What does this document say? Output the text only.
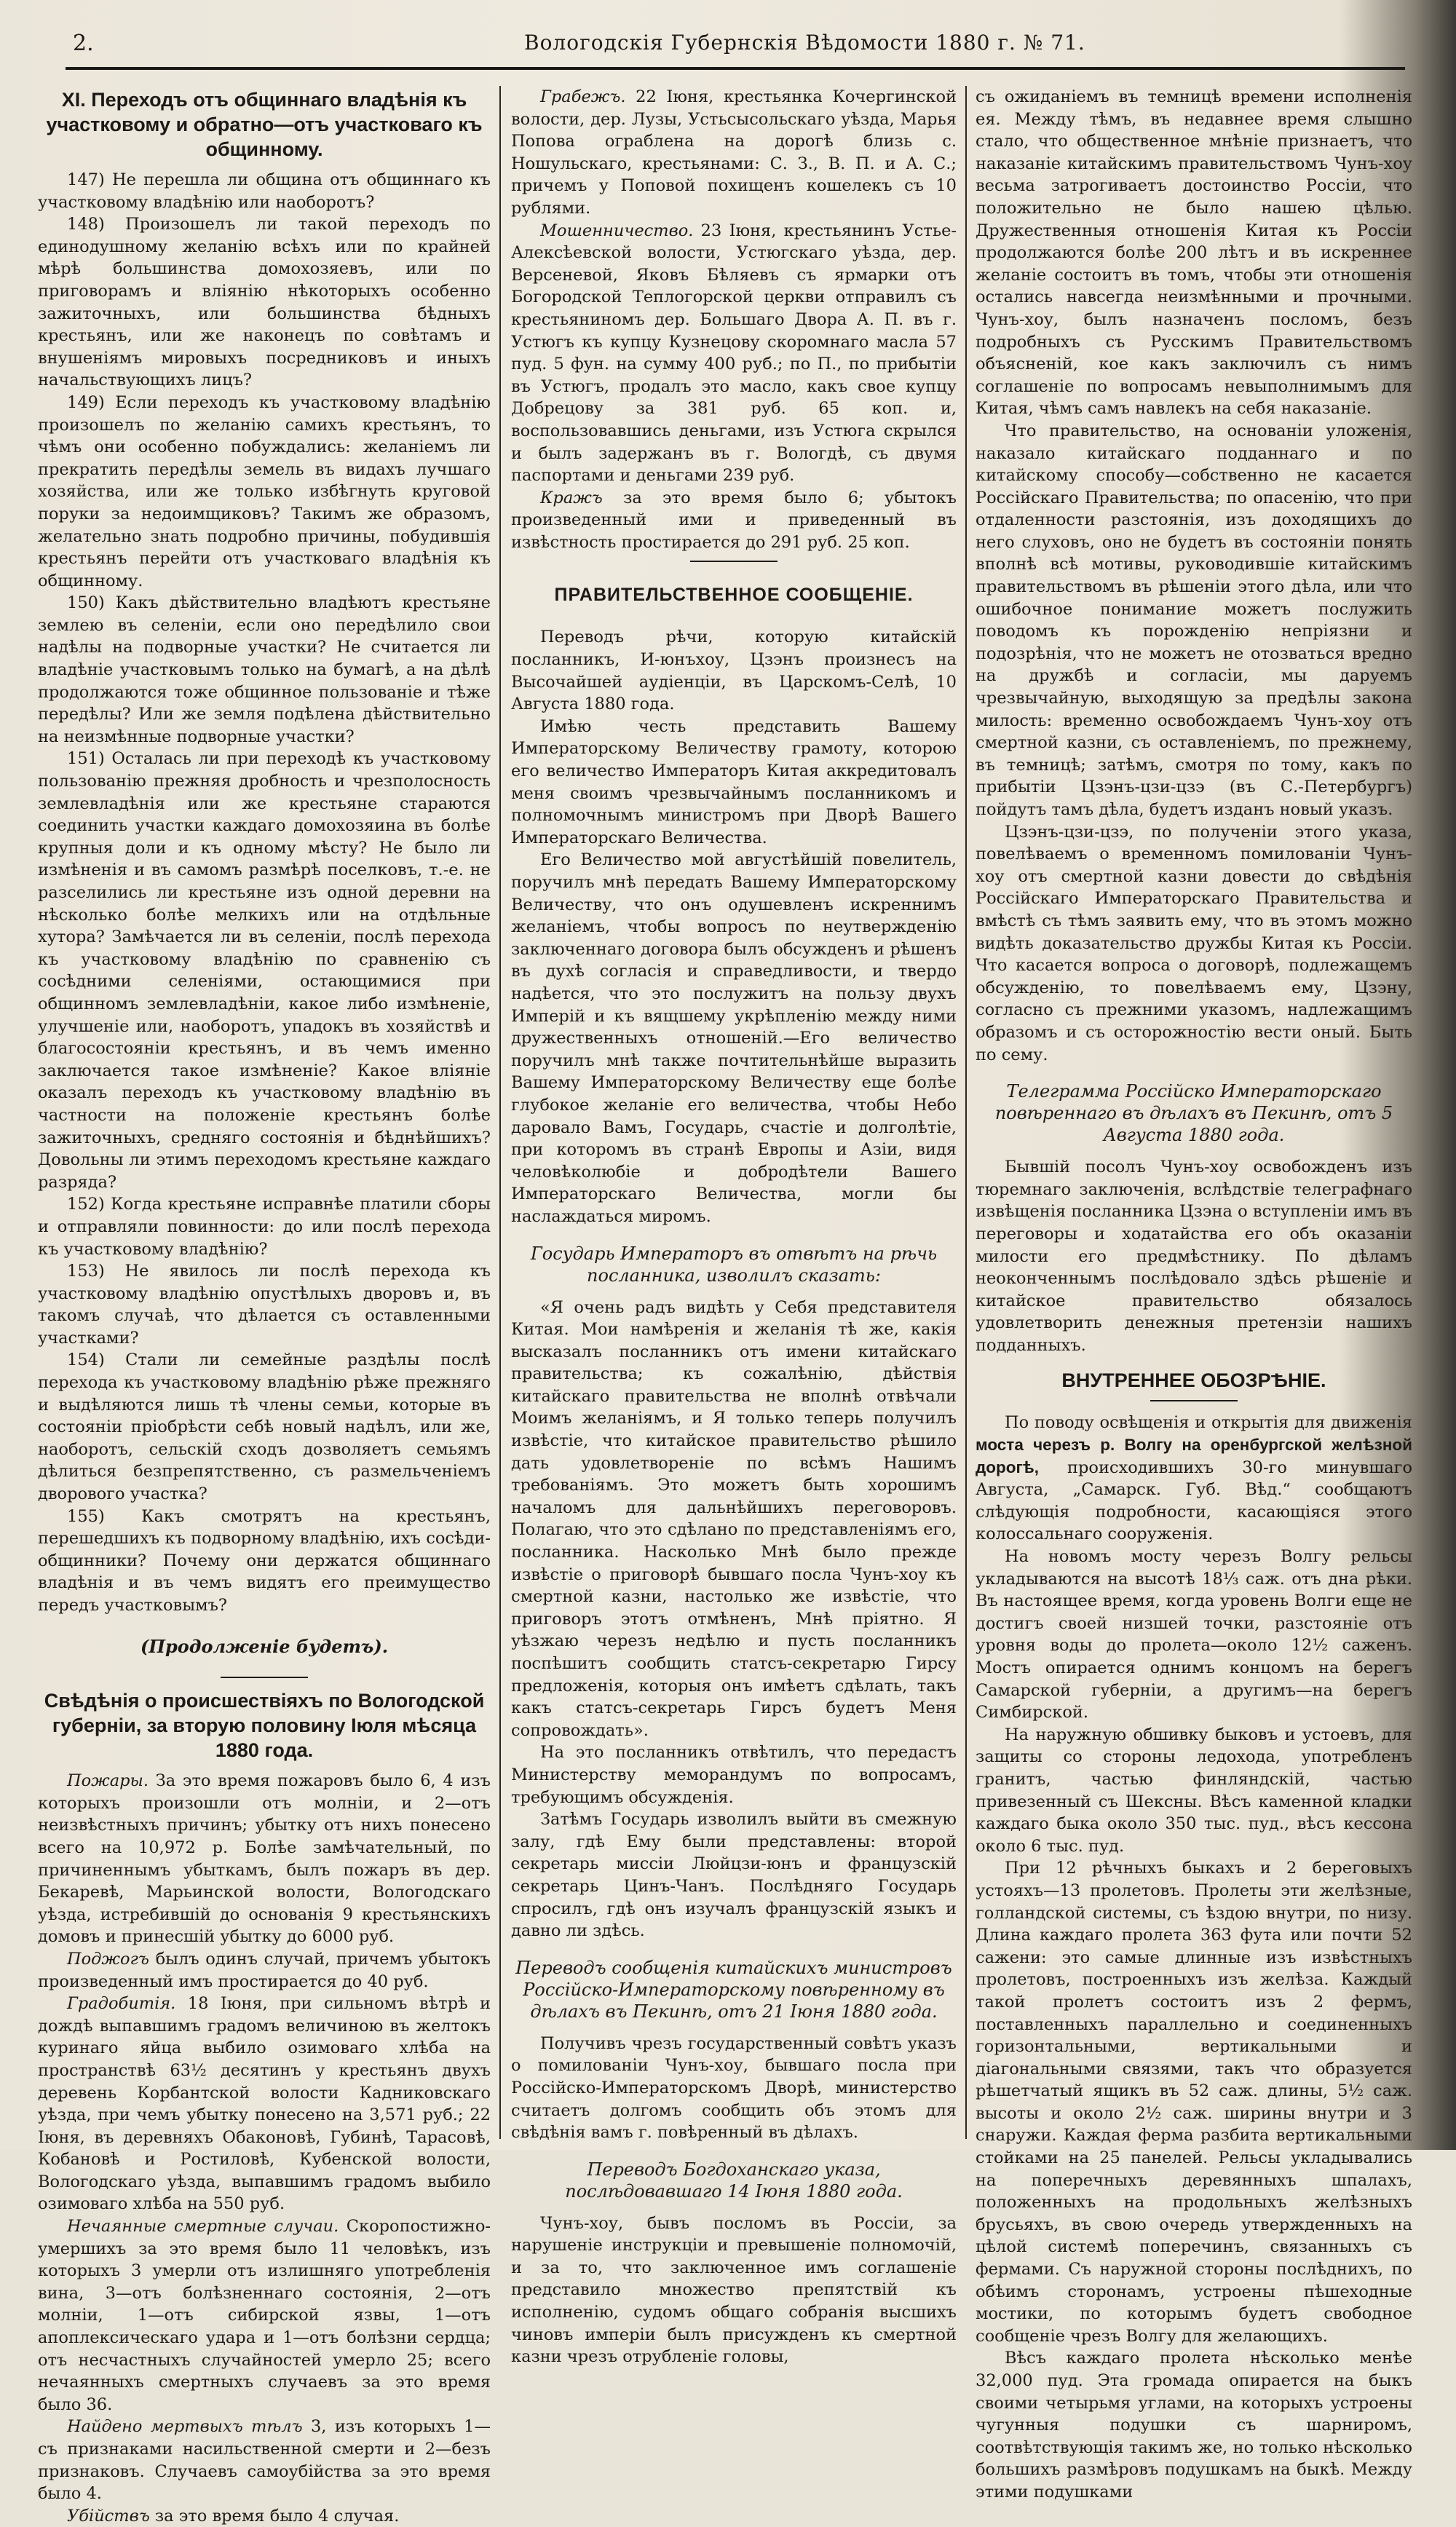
2.	Вологодскія Губернскія Вѣдомости 1880 г. № 71.
XI. Переходъ отъ общиннаго владѣнія къ участковому и обратно—отъ участковаго къ общинному.

147) Не перешла ли община отъ общиннаго къ участковому владѣнію или наоборотъ?

148) Произошелъ ли такой переходъ по единодушному желанію всѣхъ или по крайней мѣрѣ большинства домохозяевъ, или по приговорамъ и вліянію нѣкоторыхъ особенно зажиточныхъ, или большинства бѣдныхъ крестьянъ, или же наконецъ по совѣтамъ и внушеніямъ мировыхъ посредниковъ и иныхъ начальствующихъ лицъ?

149) Если переходъ къ участковому владѣнію произошелъ по желанію самихъ крестьянъ, то чѣмъ они особенно побуждались: желаніемъ ли прекратить передѣлы земель въ видахъ лучшаго хозяйства, или же только избѣгнуть круговой поруки за недоимщиковъ? Такимъ же образомъ, желательно знать подробно причины, побудившія крестьянъ перейти отъ участковаго владѣнія къ общинному.

150) Какъ дѣйствительно владѣютъ крестьяне землею въ селеніи, если оно передѣлило свои надѣлы на подворные участки? Не считается ли владѣніе участковымъ только на бумагѣ, а на дѣлѣ продолжаются тоже общинное пользованіе и тѣже передѣлы? Или же земля подѣлена дѣйствительно на неизмѣнные подворные участки?

151) Осталась ли при переходѣ къ участковому пользованію прежняя дробность и чрезполосность землевладѣнія или же крестьяне стараются соединить участки каждаго домохозяина въ болѣе крупныя доли и къ одному мѣсту? Не было ли измѣненія и въ самомъ размѣрѣ поселковъ, т.-е. не разселились ли крестьяне изъ одной деревни на нѣсколько болѣе мелкихъ или на отдѣльные хутора? Замѣчается ли въ селеніи, послѣ перехода къ участковому владѣнію по сравненію съ сосѣдними селеніями, остающимися при общинномъ землевладѣніи, какое либо измѣненіе, улучшеніе или, наоборотъ, упадокъ въ хозяйствѣ и благосостояніи крестьянъ, и въ чемъ именно заключается такое измѣненіе? Какое вліяніе оказалъ переходъ къ участковому владѣнію въ частности на положеніе крестьянъ болѣе зажиточныхъ, средняго состоянія и бѣднѣйшихъ? Довольны ли этимъ переходомъ крестьяне каждаго разряда?

152) Когда крестьяне исправнѣе платили сборы и отправляли повинности: до или послѣ перехода къ участковому владѣнію?

153) Не явилось ли послѣ перехода къ участковому владѣнію опустѣлыхъ дворовъ и, въ такомъ случаѣ, что дѣлается съ оставленными участками?

154) Стали ли семейные раздѣлы послѣ перехода къ участковому владѣнію рѣже прежняго и выдѣляются лишь тѣ члены семьи, которые въ состояніи пріобрѣсти себѣ новый надѣлъ, или же, наоборотъ, сельскій сходъ дозволяетъ семьямъ дѣлиться безпрепятственно, съ размельченіемъ дворового участка?

155) Какъ смотрятъ на крестьянъ, перешедшихъ къ подворному владѣнію, ихъ сосѣди-общинники? Почему они держатся общиннаго владѣнія и въ чемъ видятъ его преимущество передъ участковымъ?

(Продолженіе будетъ).
Свѣдѣнія о происшествіяхъ по Вологодской губерніи, за вторую половину Іюля мѣсяца 1880 года.

Пожары. За это время пожаровъ было 6, 4 изъ которыхъ произошли отъ молніи, и 2—отъ неизвѣстныхъ причинъ; убытку отъ нихъ понесено всего на 10,972 р. Болѣе замѣчательный, по причиненнымъ убыткамъ, былъ пожаръ въ дер. Бекаревѣ, Марьинской волости, Вологодскаго уѣзда, истребившій до основанія 9 крестьянскихъ домовъ и принесшій убытку до 6000 руб.

Поджогъ былъ одинъ случай, причемъ убытокъ произведенный имъ простирается до 40 руб.

Градобитія. 18 Іюня, при сильномъ вѣтрѣ и дождѣ выпавшимъ градомъ величиною въ желтокъ куринаго яйца выбило озимоваго хлѣба на пространствѣ 63½ десятинъ у крестьянъ двухъ деревень Корбантской волости Кадниковскаго уѣзда, при чемъ убытку понесено на 3,571 руб.; 22 Іюня, въ деревняхъ Обаконовѣ, Губинѣ, Тарасовѣ, Кобановѣ и Ростиловѣ, Кубенской волости, Вологодскаго уѣзда, выпавшимъ градомъ выбило озимоваго хлѣба на 550 руб.

Нечаянные смертные случаи. Скоропостижно-умершихъ за это время было 11 человѣкъ, изъ которыхъ 3 умерли отъ излишняго употребленія вина, 3—отъ болѣзненнаго состоянія, 2—отъ молніи, 1—отъ сибирской язвы, 1—отъ апоплексическаго удара и 1—отъ болѣзни сердца; отъ несчастныхъ случайностей умерло 25; всего нечаянныхъ смертныхъ случаевъ за это время было 36.

Найдено мертвыхъ тѣлъ 3, изъ которыхъ 1—съ признаками насильственной смерти и 2—безъ признаковъ. Случаевъ самоубійства за это время было 4.

Убійствъ за это время было 4 случая.

Грабежъ. 22 Іюня, крестьянка Кочергинской волости, дер. Лузы, Устьсысольскаго уѣзда, Марья Попова ограблена на дорогѣ близь с. Ношульскаго, крестьянами: С. З., В. П. и А. С.; причемъ у Поповой похищенъ кошелекъ съ 10 рублями.

Мошенничество. 23 Іюня, крестьянинъ Устье-Алексѣевской волости, Устюгскаго уѣзда, дер. Версеневой, Яковъ Бѣляевъ съ ярмарки отъ Богородской Теплогорской церкви отправилъ съ крестьяниномъ дер. Большаго Двора А. П. въ г. Устюгъ къ купцу Кузнецову скоромнаго масла 57 пуд. 5 фун. на сумму 400 руб.; по П., по прибытіи въ Устюгъ, продалъ это масло, какъ свое купцу Добрецову за 381 руб. 65 коп. и, воспользовавшись деньгами, изъ Устюга скрылся и былъ задержанъ въ г. Вологдѣ, съ двумя паспортами и деньгами 239 руб.

Кражъ за это время было 6; убытокъ произведенный ими и приведенный въ извѣстность простирается до 291 руб. 25 коп.

ПРАВИТЕЛЬСТВЕННОЕ СООБЩЕНІЕ.

Переводъ рѣчи, которую китайскій посланникъ, И-юнъхоу, Цзэнъ произнесъ на Высочайшей аудіенціи, въ Царскомъ-Селѣ, 10 Августа 1880 года.

Имѣю честь представить Вашему Императорскому Величеству грамоту, которою его величество Императоръ Китая аккредитовалъ меня своимъ чрезвычайнымъ посланникомъ и полномочнымъ министромъ при Дворѣ Вашего Императорскаго Величества.

Его Величество мой августѣйшій повелитель, поручилъ мнѣ передать Вашему Императорскому Величеству, что онъ одушевленъ искреннимъ желаніемъ, чтобы вопросъ по неутвержденію заключеннаго договора былъ обсужденъ и рѣшенъ въ духѣ согласія и справедливости, и твердо надѣется, что это послужитъ на пользу двухъ Имперій и къ вящшему укрѣпленію между ними дружественныхъ отношеній.—Его величество поручилъ мнѣ также почтительнѣйше выразить Вашему Императорскому Величеству еще болѣе глубокое желаніе его величества, чтобы Небо даровало Вамъ, Государь, счастіе и долголѣтіе, при которомъ въ странѣ Европы и Азіи, видя человѣколюбіе и добродѣтели Вашего Императорскаго Величества, могли бы наслаждаться миромъ.

Государь Императоръ въ отвѣтъ на рѣчь посланника, изволилъ сказать:

«Я очень радъ видѣть у Себя представителя Китая. Мои намѣренія и желанія тѣ же, какія высказалъ посланникъ отъ имени китайскаго правительства; къ сожалѣнію, дѣйствія китайскаго правительства не вполнѣ отвѣчали Моимъ желаніямъ, и Я только теперь получилъ извѣстіе, что китайское правительство рѣшило дать удовлетвореніе по всѣмъ Нашимъ требованіямъ. Это можетъ быть хорошимъ началомъ для дальнѣйшихъ переговоровъ. Полагаю, что это сдѣлано по представленіямъ его, посланника. Насколько Мнѣ было прежде извѣстіе о приговорѣ бывшаго посла Чунъ-хоу къ смертной казни, настолько же извѣстіе, что приговоръ этотъ отмѣненъ, Мнѣ пріятно. Я уѣзжаю черезъ недѣлю и пусть посланникъ поспѣшитъ сообщить статсъ-секретарю Гирсу предложенія, которыя онъ имѣетъ сдѣлать, такъ какъ статсъ-секретарь Гирсъ будетъ Меня сопровождать».

На это посланникъ отвѣтилъ, что передастъ Министерству меморандумъ по вопросамъ, требующимъ обсужденія.

Затѣмъ Государь изволилъ выйти въ смежную залу, гдѣ Ему были представлены: второй секретарь миссіи Люйцзи-юнъ и французскій секретарь Цинъ-Чанъ. Послѣдняго Государь спросилъ, гдѣ онъ изучалъ французскій языкъ и давно ли здѣсь.

Переводъ сообщенія китайскихъ министровъ Россійско-Императорскому повѣренному въ дѣлахъ въ Пекинѣ, отъ 21 Іюня 1880 года.

Получивъ чрезъ государственный совѣтъ указъ о помилованіи Чунъ-хоу, бывшаго посла при Россійско-Императорскомъ Дворѣ, министерство считаетъ долгомъ сообщить объ этомъ для свѣдѣнія вамъ г. повѣренный въ дѣлахъ.

Переводъ Богдоханскаго указа, послѣдовавшаго 14 Іюня 1880 года.

Чунъ-хоу, бывъ посломъ въ Россіи, за нарушеніе инструкціи и превышеніе полномочій, и за то, что заключенное имъ соглашеніе представило множество препятствій къ исполненію, судомъ общаго собранія высшихъ чиновъ имперіи былъ присужденъ къ смертной казни чрезъ отрубленіе головы,

съ ожиданіемъ въ темницѣ времени исполненія ея. Между тѣмъ, въ недавнее время слышно стало, что общественное мнѣніе признаетъ, что наказаніе китайскимъ правительствомъ Чунъ-хоу весьма затрогиваетъ достоинство Россіи, что положительно не было нашею цѣлью. Дружественныя отношенія Китая къ Россіи продолжаются болѣе 200 лѣтъ и въ искреннее желаніе состоитъ въ томъ, чтобы эти отношенія остались навсегда неизмѣнными и прочными. Чунъ-хоу, былъ назначенъ посломъ, безъ подробныхъ съ Русскимъ Правительствомъ объясненій, кое какъ заключилъ съ нимъ соглашеніе по вопросамъ невыполнимымъ для Китая, чѣмъ самъ навлекъ на себя наказаніе.

Что правительство, на основаніи уложенія, наказало китайскаго подданнаго и по китайскому способу—собственно не касается Россійскаго Правительства; по опасенію, что при отдаленности разстоянія, изъ доходящихъ до него слуховъ, оно не будетъ въ состояніи понять вполнѣ всѣ мотивы, руководившіе китайскимъ правительствомъ въ рѣшеніи этого дѣла, или что ошибочное понимание можетъ послужить поводомъ къ порожденію непріязни и подозрѣнія, что не можетъ не отозваться вредно на дружбѣ и согласіи, мы даруемъ чрезвычайную, выходящую за предѣлы закона милость: временно освобождаемъ Чунъ-хоу отъ смертной казни, съ оставленіемъ, по прежнему, въ темницѣ; затѣмъ, смотря по тому, какъ по прибытіи Цзэнъ-цзи-цзэ (въ С.-Петербургъ) пойдутъ тамъ дѣла, будетъ изданъ новый указъ.

Цзэнъ-цзи-цзэ, по полученіи этого указа, повелѣваемъ о временномъ помилованіи Чунъ-хоу отъ смертной казни довести до свѣдѣнія Россійскаго Императорскаго Правительства и вмѣстѣ съ тѣмъ заявить ему, что въ этомъ можно видѣть доказательство дружбы Китая къ Россіи. Что касается вопроса о договорѣ, подлежащемъ обсужденію, то повелѣваемъ ему, Цзэну, согласно съ прежними указомъ, надлежащимъ образомъ и съ осторожностію вести оный. Быть по сему.

Телеграмма Россійско Императорскаго повѣреннаго въ дѣлахъ въ Пекинѣ, отъ 5 Августа 1880 года.

Бывшій посолъ Чунъ-хоу освобожденъ изъ тюремнаго заключенія, вслѣдствіе телеграфнаго извѣщенія посланника Цзэна о вступленіи имъ въ переговоры и ходатайства его объ оказаніи милости его предмѣстнику. По дѣламъ неоконченнымъ послѣдовало здѣсь рѣшеніе и китайское правительство обязалось удовлетворить денежныя претензіи нашихъ подданныхъ.

ВНУТРЕННЕЕ ОБОЗРѢНІЕ.

По поводу освѣщенія и открытія для движенія моста черезъ р. Волгу на оренбургской желѣзной дорогѣ, происходившихъ 30-го минувшаго Августа, „Самарск. Губ. Вѣд.“ сообщаютъ слѣдующія подробности, касающіяся этого колоссальнаго сооруженія.

На новомъ мосту черезъ Волгу рельсы укладываются на высотѣ 18⅓ саж. отъ дна рѣки. Въ настоящее время, когда уровень Волги еще не достигъ своей низшей точки, разстояніе отъ уровня воды до пролета—около 12½ саженъ. Мостъ опирается однимъ концомъ на берегъ Самарской губерніи, а другимъ—на берегъ Симбирской.

На наружную обшивку быковъ и устоевъ, для защиты со стороны ледохода, употребленъ гранитъ, частью финляндскій, частью привезенный съ Шексны. Вѣсъ каменной кладки каждаго быка около 350 тыс. пуд., вѣсъ кессона около 6 тыс. пуд.

При 12 рѣчныхъ быкахъ и 2 береговыхъ устояхъ—13 пролетовъ. Пролеты эти желѣзные, голландской системы, съ ѣздою внутри, по низу. Длина каждаго пролета 363 фута или почти 52 сажени: это самые длинные изъ извѣстныхъ пролетовъ, построенныхъ изъ желѣза. Каждый такой пролетъ состоитъ изъ 2 фермъ, поставленныхъ параллельно и соединенныхъ горизонтальными, вертикальными и діагональными связями, такъ что образуется рѣшетчатый ящикъ въ 52 саж. длины, 5½ саж. высоты и около 2½ саж. ширины внутри и 3 снаружи. Каждая ферма разбита вертикальными стойками на 25 панелей. Рельсы укладывались на поперечныхъ деревянныхъ шпалахъ, положенныхъ на продольныхъ желѣзныхъ брусьяхъ, въ свою очередь утвержденныхъ на цѣлой системѣ поперечинъ, связанныхъ съ фермами. Съ наружной стороны послѣднихъ, по обѣимъ сторонамъ, устроены пѣшеходные мостики, по которымъ будетъ свободное сообщеніе чрезъ Волгу для желающихъ.

Вѣсъ каждаго пролета нѣсколько менѣе 32,000 пуд. Эта громада опирается на быкъ своими четырьмя углами, на которыхъ устроены чугунныя подушки съ шарниромъ, соотвѣтствующія такимъ же, но только нѣсколько большихъ размѣровъ подушкамъ на быкѣ. Между этими подушками
